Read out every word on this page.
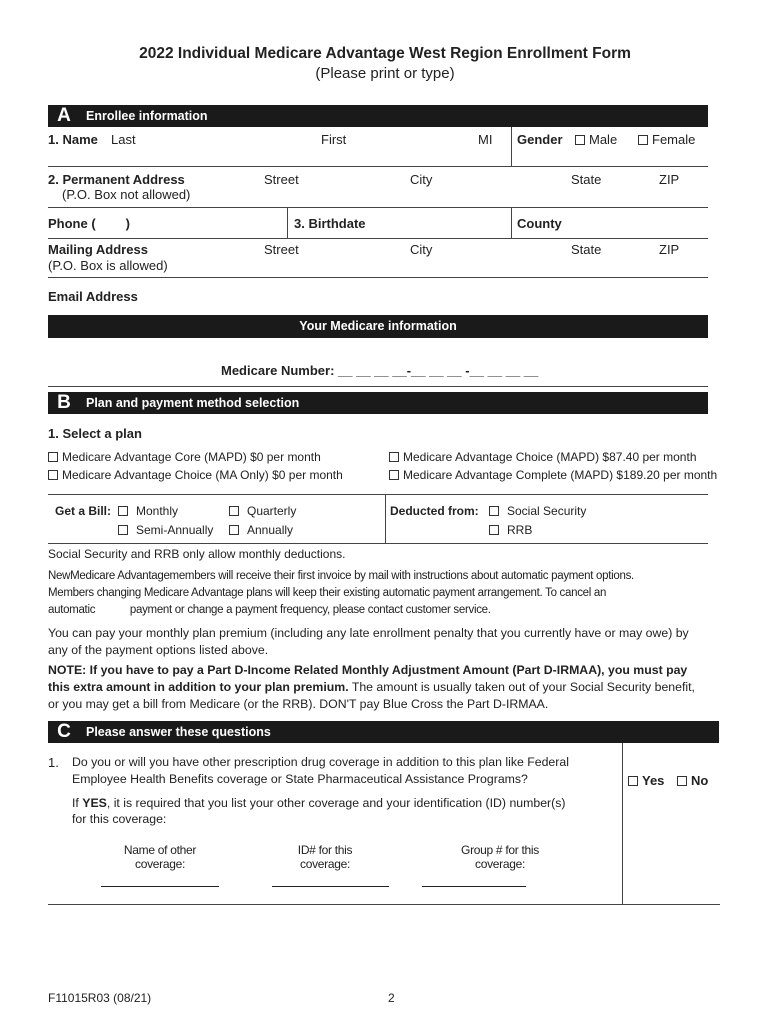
2022 Individual Medicare Advantage West Region Enrollment Form
(Please print or type)
A	Enrollee information
1. Name Last	First	MI Gender	Male	Female
2. Permanent Address
(P.O. Box not allowed)
Street	City	State	ZIP
Phone ( )	3. Birthdate	County
Mailing Address
(P.O. Box is allowed)
Street	City	State	ZIP
Email Address
Your Medicare information
Medicare Number: __ __ __ __-__ __ __ -__ __ __ __
B	Plan and payment method selection
1. Select a plan
Medicare Advantage Core (MAPD) $0 per month
Medicare Advantage Choice (MA Only) $0 per month
Medicare Advantage Choice (MAPD) $87.40 per month
Medicare Advantage Complete (MAPD) $189.20 per month
Get a Bill:	Monthly	Quarterly
Semi-Annually	Annually
Deducted from:	Social Security
RRB
Social Security and RRB only allow monthly deductions.
NewMedicare Advantagemembers will receive their first invoice by mail with instructions about automatic payment options.
Members changing Medicare Advantage plans will keep their existing automatic payment arrangement. To cancel an
automatic            payment or change a payment frequency, please contact customer service.
You can pay your monthly plan premium (including any late enrollment penalty that you currently have or may owe) by any of the payment options listed above.
NOTE: If you have to pay a Part D-Income Related Monthly Adjustment Amount (Part D-IRMAA), you must pay this extra amount in addition to your plan premium. The amount is usually taken out of your Social Security benefit, or you may get a bill from Medicare (or the RRB). DON'T pay Blue Cross the Part D-IRMAA.
C	Please answer these questions
1. Do you or will you have other prescription drug coverage in addition to this plan like Federal
Employee Health Benefits coverage or State Pharmaceutical Assistance Programs?	Yes	No
If YES, it is required that you list your other coverage and your identification (ID) number(s)
for this coverage:
Name of other
coverage:
ID# for this
coverage:
Group # for this
coverage:
F11015R03 (08/21)	2
